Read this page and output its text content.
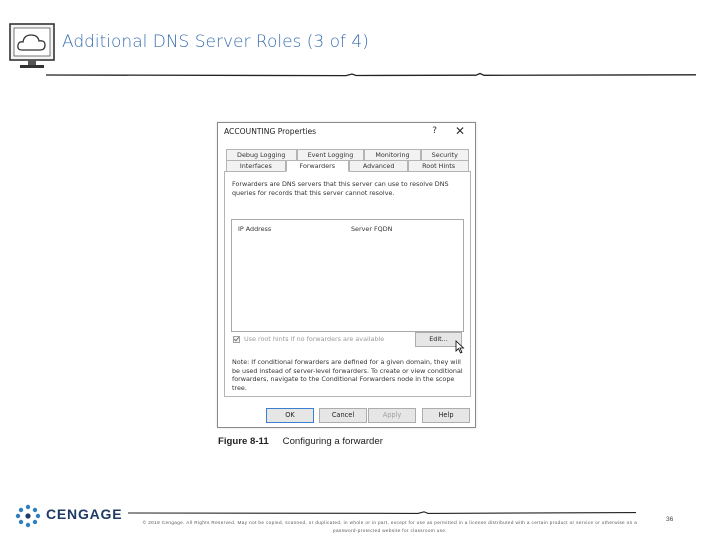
Additional DNS Server Roles (3 of 4)
ACCOUNTING Properties	? ✕
Debug Logging	Event Logging	Monitoring	Security
Interfaces	Forwarders	Advanced	Root Hints
Forwarders are DNS servers that this server can use to resolve DNS queries for records that this server cannot resolve.
IP Address	Server FQDN
Use root hints if no forwarders are available	Edit...
Note: If conditional forwarders are defined for a given domain, they will be used instead of server-level forwarders. To create or view conditional forwarders, navigate to the Conditional Forwarders node in the scope tree.
OK	Cancel	Apply	Help
Figure 8-11 Configuring a forwarder
CENGAGE
© 2018 Cengage. All Rights Reserved. May not be copied, scanned, or duplicated, in whole or in part, except for use as permitted in a license distributed with a certain product or service or otherwise on a password-protected website for classroom use.
36
